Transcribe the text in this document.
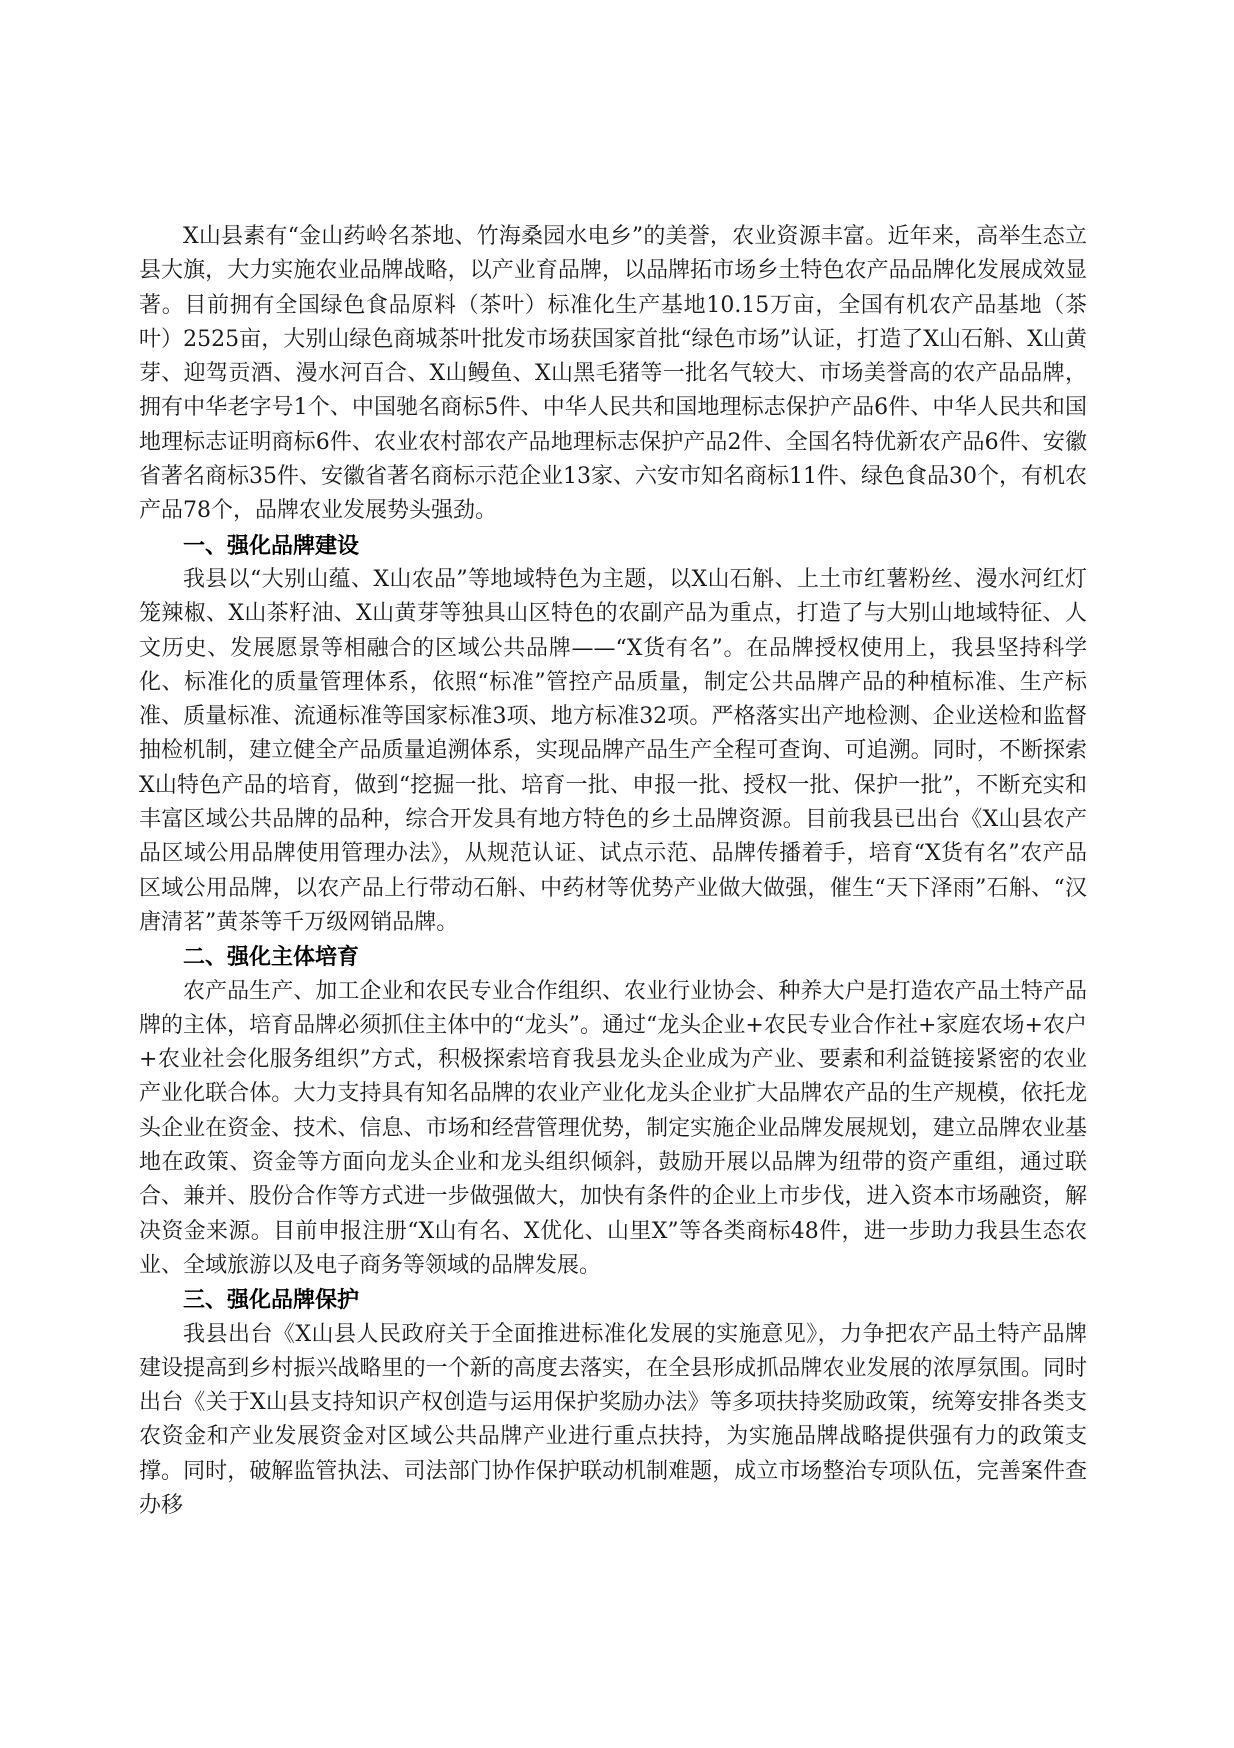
X山县素有“金山药岭名茶地、竹海桑园水电乡”的美誉，农业资源丰富。近年来，高举生态立县大旗，大力实施农业品牌战略，以产业育品牌，以品牌拓市场乡土特色农产品品牌化发展成效显著。目前拥有全国绿色食品原料（茶叶）标准化生产基地10.15万亩，全国有机农产品基地（茶叶）2525亩，大别山绿色商城茶叶批发市场获国家首批“绿色市场”认证，打造了X山石斛、X山黄芽、迎驾贡酒、漫水河百合、X山鳗鱼、X山黑毛猪等一批名气较大、市场美誉高的农产品品牌，拥有中华老字号1个、中国驰名商标5件、中华人民共和国地理标志保护产品6件、中华人民共和国地理标志证明商标6件、农业农村部农产品地理标志保护产品2件、全国名特优新农产品6件、安徽省著名商标35件、安徽省著名商标示范企业13家、六安市知名商标11件、绿色食品30个，有机农产品78个，品牌农业发展势头强劲。

一、强化品牌建设

我县以“大别山蕴、X山农品”等地域特色为主题，以X山石斛、上土市红薯粉丝、漫水河红灯笼辣椒、X山茶籽油、X山黄芽等独具山区特色的农副产品为重点，打造了与大别山地域特征、人文历史、发展愿景等相融合的区域公共品牌——“X货有名”。在品牌授权使用上，我县坚持科学化、标准化的质量管理体系，依照“标准”管控产品质量，制定公共品牌产品的种植标准、生产标准、质量标准、流通标准等国家标准3项、地方标准32项。严格落实出产地检测、企业送检和监督抽检机制，建立健全产品质量追溯体系，实现品牌产品生产全程可查询、可追溯。同时，不断探索X山特色产品的培育，做到“挖掘一批、培育一批、申报一批、授权一批、保护一批”，不断充实和丰富区域公共品牌的品种，综合开发具有地方特色的乡土品牌资源。目前我县已出台《X山县农产品区域公用品牌使用管理办法》，从规范认证、试点示范、品牌传播着手，培育“X货有名”农产品区域公用品牌，以农产品上行带动石斛、中药材等优势产业做大做强，催生“天下泽雨”石斛、“汉唐清茗”黄茶等千万级网销品牌。

二、强化主体培育

农产品生产、加工企业和农民专业合作组织、农业行业协会、种养大户是打造农产品土特产品牌的主体，培育品牌必须抓住主体中的“龙头”。通过“龙头企业+农民专业合作社+家庭农场+农户+农业社会化服务组织”方式，积极探索培育我县龙头企业成为产业、要素和利益链接紧密的农业产业化联合体。大力支持具有知名品牌的农业产业化龙头企业扩大品牌农产品的生产规模，依托龙头企业在资金、技术、信息、市场和经营管理优势，制定实施企业品牌发展规划，建立品牌农业基地在政策、资金等方面向龙头企业和龙头组织倾斜，鼓励开展以品牌为纽带的资产重组，通过联合、兼并、股份合作等方式进一步做强做大，加快有条件的企业上市步伐，进入资本市场融资，解决资金来源。目前申报注册“X山有名、X优化、山里X”等各类商标48件，进一步助力我县生态农业、全域旅游以及电子商务等领域的品牌发展。

三、强化品牌保护

我县出台《X山县人民政府关于全面推进标准化发展的实施意见》，力争把农产品土特产品牌建设提高到乡村振兴战略里的一个新的高度去落实，在全县形成抓品牌农业发展的浓厚氛围。同时出台《关于X山县支持知识产权创造与运用保护奖励办法》等多项扶持奖励政策，统筹安排各类支农资金和产业发展资金对区域公共品牌产业进行重点扶持，为实施品牌战略提供强有力的政策支撑。同时，破解监管执法、司法部门协作保护联动机制难题，成立市场整治专项队伍，完善案件查办移
